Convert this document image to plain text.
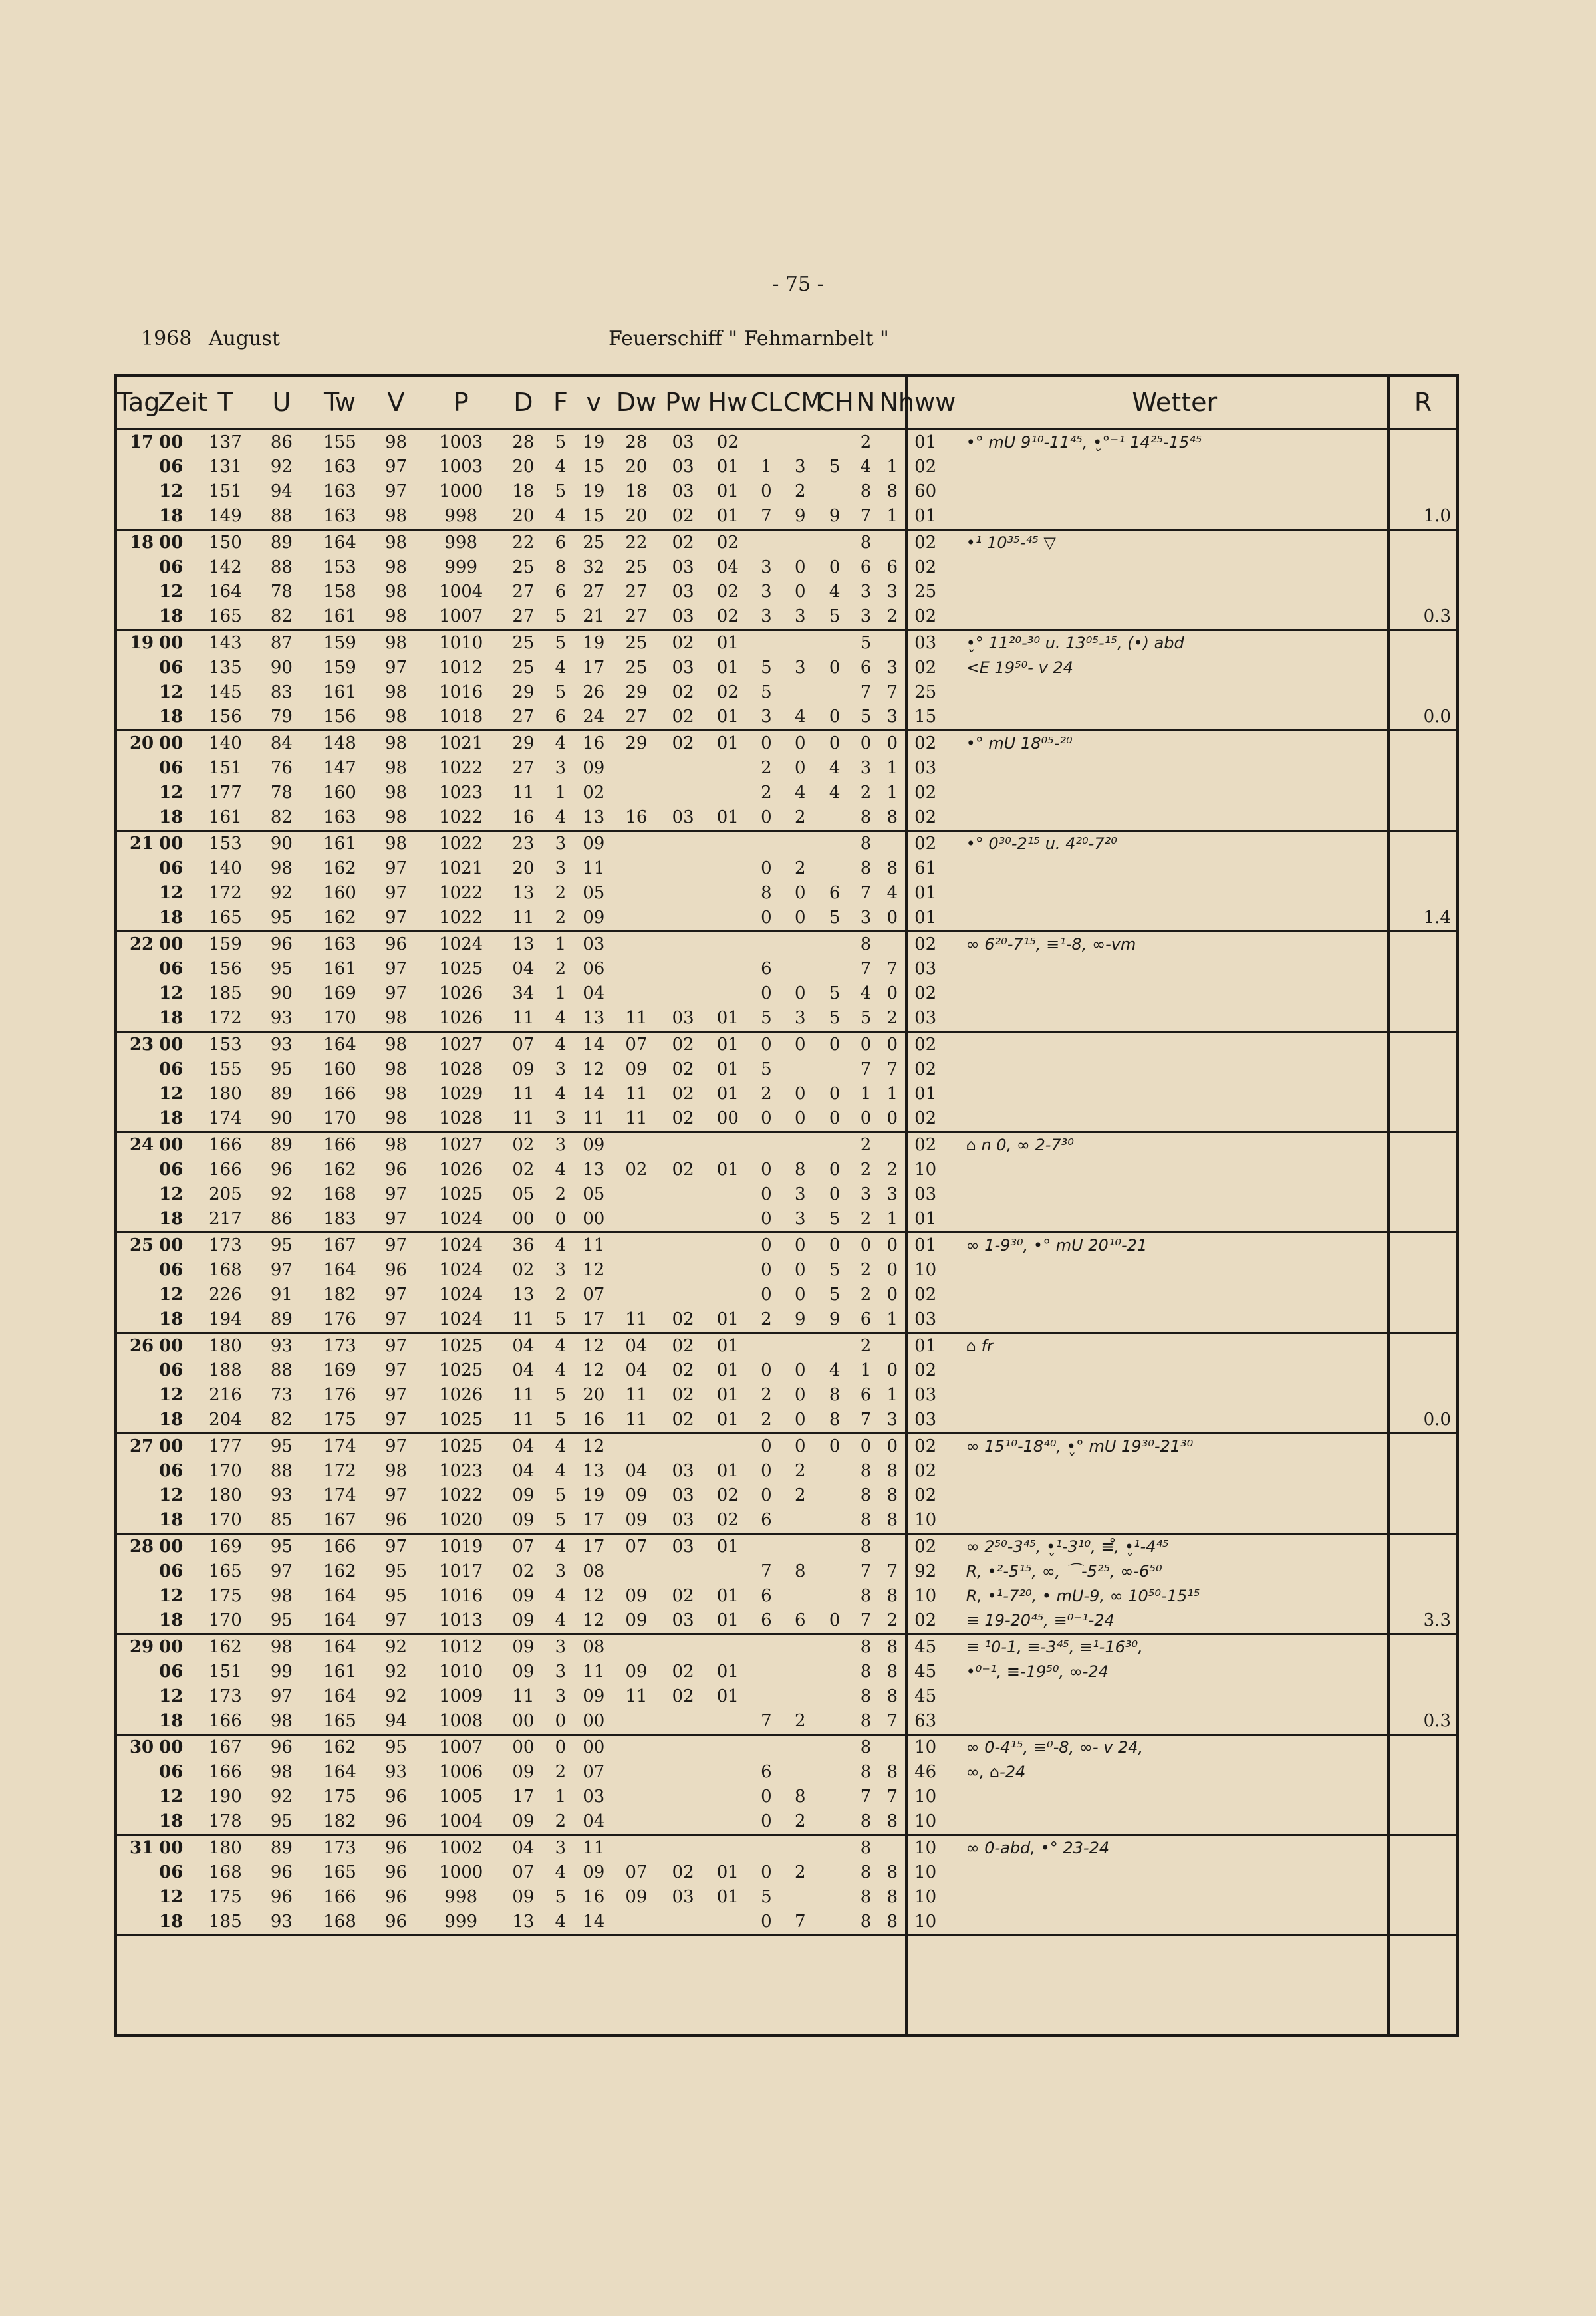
- 75 -
1968 August	Feuerschiff " Fehmarnbelt "
Tag	Zeit	T	U	Tw	V	P	D	F	v	Dw	Pw	Hw	CL	CM	CH	N	Nh	ww	Wetter	R
17	00	137	86	155	98	1003	28	5	19	28	03	02				2		01	•° mU 9¹⁰-11⁴⁵, •̬°⁻¹ 14²⁵-15⁴⁵	
	06	131	92	163	97	1003	20	4	15	20	03	01	1	3	5	4	1	02		
	12	151	94	163	97	1000	18	5	19	18	03	01	0	2		8	8	60		
	18	149	88	163	98	998	20	4	15	20	02	01	7	9	9	7	1	01		1.0
18	00	150	89	164	98	998	22	6	25	22	02	02				8		02	•¹ 10³⁵-⁴⁵ ▽	
	06	142	88	153	98	999	25	8	32	25	03	04	3	0	0	6	6	02		
	12	164	78	158	98	1004	27	6	27	27	03	02	3	0	4	3	3	25		
	18	165	82	161	98	1007	27	5	21	27	03	02	3	3	5	3	2	02		0.3
19	00	143	87	159	98	1010	25	5	19	25	02	01				5		03	•̬° 11²⁰-³⁰ u. 13⁰⁵-¹⁵, (•) abd	
	06	135	90	159	97	1012	25	4	17	25	03	01	5	3	0	6	3	02	<E 19⁵⁰- v 24	
	12	145	83	161	98	1016	29	5	26	29	02	02	5			7	7	25		
	18	156	79	156	98	1018	27	6	24	27	02	01	3	4	0	5	3	15		0.0
20	00	140	84	148	98	1021	29	4	16	29	02	01	0	0	0	0	0	02	•° mU 18⁰⁵-²⁰	
	06	151	76	147	98	1022	27	3	09				2	0	4	3	1	03		
	12	177	78	160	98	1023	11	1	02				2	4	4	2	1	02		
	18	161	82	163	98	1022	16	4	13	16	03	01	0	2		8	8	02		
21	00	153	90	161	98	1022	23	3	09							8		02	•° 0³⁰-2¹⁵ u. 4²⁰-7²⁰	
	06	140	98	162	97	1021	20	3	11				0	2		8	8	61		
	12	172	92	160	97	1022	13	2	05				8	0	6	7	4	01		
	18	165	95	162	97	1022	11	2	09				0	0	5	3	0	01		1.4
22	00	159	96	163	96	1024	13	1	03							8		02	∞ 6²⁰-7¹⁵, ≡¹-8, ∞-vm	
	06	156	95	161	97	1025	04	2	06				6			7	7	03		
	12	185	90	169	97	1026	34	1	04				0	0	5	4	0	02		
	18	172	93	170	98	1026	11	4	13	11	03	01	5	3	5	5	2	03		
23	00	153	93	164	98	1027	07	4	14	07	02	01	0	0	0	0	0	02		
	06	155	95	160	98	1028	09	3	12	09	02	01	5			7	7	02		
	12	180	89	166	98	1029	11	4	14	11	02	01	2	0	0	1	1	01		
	18	174	90	170	98	1028	11	3	11	11	02	00	0	0	0	0	0	02		
24	00	166	89	166	98	1027	02	3	09							2		02	⌂ n 0, ∞ 2-7³⁰	
	06	166	96	162	96	1026	02	4	13	02	02	01	0	8	0	2	2	10		
	12	205	92	168	97	1025	05	2	05				0	3	0	3	3	03		
	18	217	86	183	97	1024	00	0	00				0	3	5	2	1	01		
25	00	173	95	167	97	1024	36	4	11				0	0	0	0	0	01	∞ 1-9³⁰, •° mU 20¹⁰-21	
	06	168	97	164	96	1024	02	3	12				0	0	5	2	0	10		
	12	226	91	182	97	1024	13	2	07				0	0	5	2	0	02		
	18	194	89	176	97	1024	11	5	17	11	02	01	2	9	9	6	1	03		
26	00	180	93	173	97	1025	04	4	12	04	02	01				2		01	⌂ fr	
	06	188	88	169	97	1025	04	4	12	04	02	01	0	0	4	1	0	02		
	12	216	73	176	97	1026	11	5	20	11	02	01	2	0	8	6	1	03		
	18	204	82	175	97	1025	11	5	16	11	02	01	2	0	8	7	3	03		0.0
27	00	177	95	174	97	1025	04	4	12				0	0	0	0	0	02	∞ 15¹⁰-18⁴⁰, •̬° mU 19³⁰-21³⁰	
	06	170	88	172	98	1023	04	4	13	04	03	01	0	2		8	8	02		
	12	180	93	174	97	1022	09	5	19	09	03	02	0	2		8	8	02		
	18	170	85	167	96	1020	09	5	17	09	03	02	6			8	8	10		
28	00	169	95	166	97	1019	07	4	17	07	03	01				8		02	∞ 2⁵⁰-3⁴⁵, •̬¹-3¹⁰, ≡̊, •̬¹-4⁴⁵	
	06	165	97	162	95	1017	02	3	08				7	8		7	7	92	R, •²-5¹⁵, ∞, ⌒-5²⁵, ∞-6⁵⁰	
	12	175	98	164	95	1016	09	4	12	09	02	01	6			8	8	10	R, •¹-7²⁰, • mU-9, ∞ 10⁵⁰-15¹⁵	
	18	170	95	164	97	1013	09	4	12	09	03	01	6	6	0	7	2	02	≡ 19-20⁴⁵, ≡⁰⁻¹-24	3.3
29	00	162	98	164	92	1012	09	3	08							8	8	45	≡ ¹0-1, ≡-3⁴⁵, ≡¹-16³⁰,	
	06	151	99	161	92	1010	09	3	11	09	02	01				8	8	45	•⁰⁻¹, ≡-19⁵⁰, ∞-24	
	12	173	97	164	92	1009	11	3	09	11	02	01				8	8	45		
	18	166	98	165	94	1008	00	0	00				7	2		8	7	63		0.3
30	00	167	96	162	95	1007	00	0	00							8		10	∞ 0-4¹⁵, ≡⁰-8, ∞- v 24,	
	06	166	98	164	93	1006	09	2	07				6			8	8	46	∞, ⌂-24	
	12	190	92	175	96	1005	17	1	03				0	8		7	7	10		
	18	178	95	182	96	1004	09	2	04				0	2		8	8	10		
31	00	180	89	173	96	1002	04	3	11							8		10	∞ 0-abd, •° 23-24	
	06	168	96	165	96	1000	07	4	09	07	02	01	0	2		8	8	10		
	12	175	96	166	96	998	09	5	16	09	03	01	5			8	8	10		
	18	185	93	168	96	999	13	4	14				0	7		8	8	10		
